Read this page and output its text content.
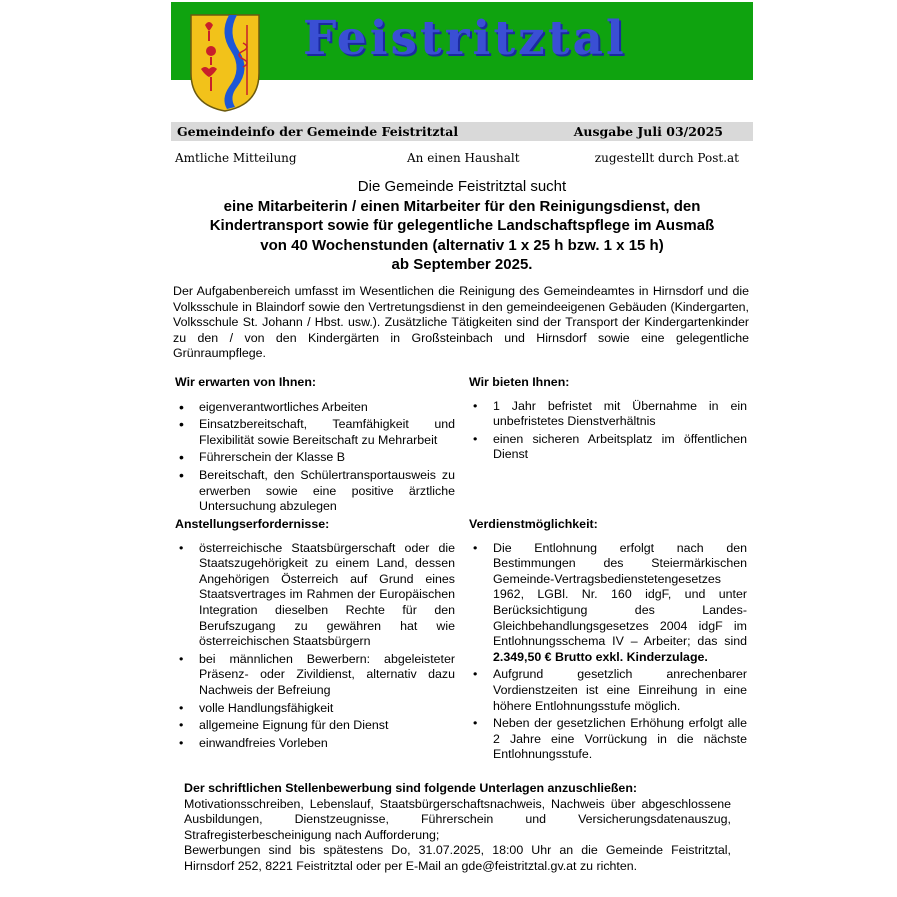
Feistritztal
Gemeindeinfo der Gemeinde Feistritztal	Ausgabe Juli 03/2025
Amtliche Mitteilung	An einen Haushalt	zugestellt durch Post.at
Die Gemeinde Feistritztal sucht
eine Mitarbeiterin / einen Mitarbeiter für den Reinigungsdienst, den
Kindertransport sowie für gelegentliche Landschaftspflege im Ausmaß
von 40 Wochenstunden (alternativ 1 x 25 h bzw. 1 x 15 h)
ab September 2025.
Der Aufgabenbereich umfasst im Wesentlichen die Reinigung des Gemeindeamtes in Hirnsdorf und die Volksschule in Blaindorf sowie den Vertretungsdienst in den gemeindeeigenen Gebäuden (Kindergarten, Volksschule St. Johann / Hbst. usw.). Zusätzliche Tätigkeiten sind der Transport der Kindergartenkinder zu den / von den Kindergärten in Großsteinbach und Hirnsdorf sowie eine gelegentliche Grünraumpflege.

Wir erwarten von Ihnen:

• eigenverantwortliches Arbeiten
• Einsatzbereitschaft, Teamfähigkeit und Flexibilität sowie Bereitschaft zu Mehrarbeit
• Führerschein der Klasse B
• Bereitschaft, den Schülertransportausweis zu erwerben sowie eine positive ärztliche Untersuchung abzulegen

Wir bieten Ihnen:

• 1 Jahr befristet mit Übernahme in ein unbefristetes Dienstverhältnis
• einen sicheren Arbeitsplatz im öffentlichen Dienst

Anstellungserfordernisse:

• österreichische Staatsbürgerschaft oder die Staatszugehörigkeit zu einem Land, dessen Angehörigen Österreich auf Grund eines Staatsvertrages im Rahmen der Europäischen Integration dieselben Rechte für den Berufszugang zu gewähren hat wie österreichischen Staatsbürgern
• bei männlichen Bewerbern: abgeleisteter Präsenz- oder Zivildienst, alternativ dazu Nachweis der Befreiung
• volle Handlungsfähigkeit
• allgemeine Eignung für den Dienst
• einwandfreies Vorleben

Verdienstmöglichkeit:

• Die Entlohnung erfolgt nach den Bestimmungen des Steiermärkischen Gemeinde-Vertragsbedienstetengesetzes 1962, LGBl. Nr. 160 idgF, und unter Berücksichtigung des Landes-Gleichbehandlungsgesetzes 2004 idgF im Entlohnungsschema IV – Arbeiter; das sind 2.349,50 € Brutto exkl. Kinderzulage.
• Aufgrund gesetzlich anrechenbarer Vordienstzeiten ist eine Einreihung in eine höhere Entlohnungsstufe möglich.
• Neben der gesetzlichen Erhöhung erfolgt alle 2 Jahre eine Vorrückung in die nächste Entlohnungsstufe.
Der schriftlichen Stellenbewerbung sind folgende Unterlagen anzuschließen:
Motivationsschreiben, Lebenslauf, Staatsbürgerschaftsnachweis, Nachweis über abgeschlossene Ausbildungen, Dienstzeugnisse, Führerschein und Versicherungsdatenauszug, Strafregisterbescheinigung nach Aufforderung;
Bewerbungen sind bis spätestens Do, 31.07.2025, 18:00 Uhr an die Gemeinde Feistritztal, Hirnsdorf 252, 8221 Feistritztal oder per E-Mail an gde@feistritztal.gv.at zu richten.
